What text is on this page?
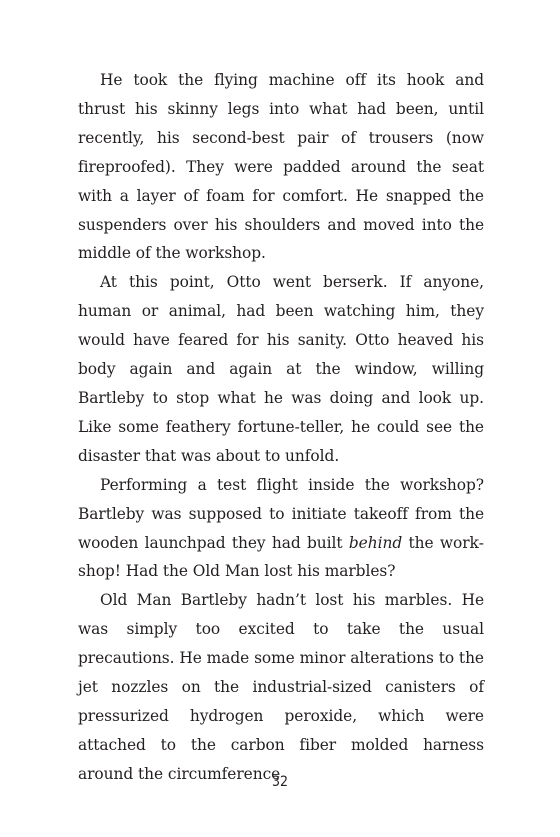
He took the flying machine off its hook and thrust his skinny legs into what had been, until recently, his second-best pair of trousers (now fireproofed). They were padded around the seat with a layer of foam for comfort. He snapped the suspenders over his shoulders and moved into the middle of the workshop.

At this point, Otto went berserk. If anyone, human or animal, had been watching him, they would have feared for his sanity. Otto heaved his body again and again at the window, willing Bartleby to stop what he was doing and look up. Like some feathery fortune-teller, he could see the disaster that was about to unfold.

Performing a test flight inside the workshop? Bartleby was supposed to initiate takeoff from the wooden launchpad they had built behind the workshop! Had the Old Man lost his marbles?

Old Man Bartleby hadn’t lost his marbles. He was simply too excited to take the usual precautions. He made some minor alterations to the jet nozzles on the industrial-sized canisters of pressurized hydrogen peroxide, which were attached to the carbon fiber molded harness around the circumference

32
